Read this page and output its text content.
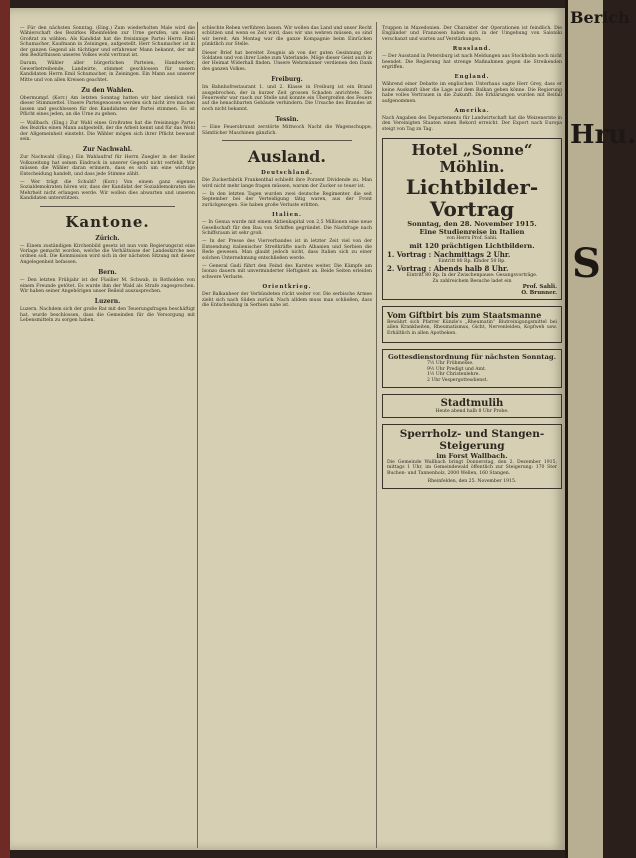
— Für den nächsten Sonntag. (Eing.) Zum wiederholten Male wird die Wählerschaft des Bezirkes Rheinfelden zur Urne gerufen, um einen Großrat zu wählen. Als Kandidat hat die freisinnige Partei Herrn Emil Schumacher, Kaufmann in Zeiningen, aufgestellt. Herr Schumacher ist in der ganzen Gegend als tüchtiger und erfahrener Mann bekannt, der mit den Bedürfnissen unseres Volkes wohl vertraut ist.

Darum, Wähler aller bürgerlichen Parteien, Handwerker, Gewerbetreibende, Landwirte, stimmet geschlossen für unsern Kandidaten Herrn Emil Schumacher, in Zeiningen. Ein Mann aus unserer Mitte und von allen Kreisen geachtet.

Zu den Wahlen.

Obermumpf. (Korr.) Am letzten Sonntag hatten wir hier ziemlich viel dieser Stimmzettel. Unsere Parteigenossen werden sich nicht irre machen lassen und geschlossen für den Kandidaten der Partei stimmen. Es ist Pflicht eines jeden, an die Urne zu gehen.

— Wallbach. (Eing.) Zur Wahl eines Großrates hat die freisinnige Partei des Bezirks einen Mann aufgestellt, der die Arbeit kennt und für das Wohl der Allgemeinheit einsteht. Die Wähler mögen sich ihrer Pflicht bewusst sein.

Zur Nachwahl.

Zur Nachwahl (Eing.) Ein Wahlaufruf für Herrn Zuegler in der Basler Volkszeitung hat seinen Eindruck in unserer Gegend nicht verfehlt. Wir müssen die Wähler daran erinnern, dass es sich um eine wichtige Entscheidung handelt, und dass jede Stimme zählt.

— Wer trägt die Schuld? (Korr.) Von einem ganz eigenen Sozialdemokraten hören wir, dass der Kandidat der Sozialdemokraten die Mehrheit nicht erlangen werde. Wir wollen dies abwarten und unseren Kandidaten unterstützen.

Kantone.
Zürich.

— Einem zuständigen Kirchenbild gesetz ist nun vom Regierungsrat eine Vorlage gemacht worden, welche die Verhältnisse der Landeskirche neu ordnen soll. Die Kommission wird sich in der nächsten Sitzung mit dieser Angelegenheit befassen.

Bern.

— Den letzten Frühjahr ist der Füsilier M. Schwab, in Rotholden von einem Freunde getötet. Es wurde ihm der Wald als Strafe zugesprochen. Wir haben seiner Angehörigen unser Beileid auszusprechen.

Luzern.

Luzern. Nachdem sich der große Rat mit den Teuerungsfragen beschäftigt hat, wurde beschlossen, dass die Gemeinden für die Versorgung mit Lebensmitteln zu sorgen haben.

schlechte Reben verführen lassen. Wir wollen das Land und unser Recht schützen und wenn es Zeit wird, dass wir uns wehren müssen, so sind wir bereit. Am Montag war die ganze Kompagnie beim Einrücken pünktlich zur Stelle.

Dieser Brief hat bereitet Zeugnis ab von der guten Gesinnung der Soldaten und von ihrer Liebe zum Vaterlande. Möge dieser Geist auch in der Heimat Widerhall finden. Unsere Wehrmänner verdienen den Dank des ganzen Volkes.

Freiburg.

Im Bahnhofrestaurant 1. und 2. Klasse in Freiburg ist ein Brand ausgebrochen, der in kurzer Zeit grossen Schaden anrichtete. Die Feuerwehr war rasch zur Stelle und konnte ein Übergreifen des Feuers auf die benachbarten Gebäude verhindern. Die Ursache des Brandes ist noch nicht bekannt.

Tessin.

— Eine Feuersbrunst zerstörte Mittwoch Nacht die Wagenschuppe, Sämtlicher Maschinen gänzlich.

Ausland.
Deutschland.

Die Zuckerfabrik Frankenthal schließt ihre Porzent Dividende zu. Man wird nicht mehr lange fragen müssen, warum der Zucker so teuer ist.

— In den letzten Tagen wurden zwei deutsche Regimenter, die seit September bei der Verteidigung tätig waren, aus der Front zurückgezogen. Sie haben große Verluste erlitten.

Italien.

— In Genua wurde mit einem Aktienkapital von 2,5 Millionen eine neue Gesellschaft für den Bau von Schiffen gegründet. Die Nachfrage nach Schiffsraum ist sehr groß.

— In der Presse des Vierverbandes ist in letzter Zeit viel von der Entsendung italienischer Streitkräfte nach Albanien und Serbien die Rede gewesen. Man glaubt jedoch nicht, dass Italien sich zu einer solchen Unternehmung entschließen werde.

— General Gadi führt den Feind des Karstes weiter. Die Kämpfe am Isonzo dauern mit unverminderter Heftigkeit an. Beide Seiten erleiden schwere Verluste.

Orientkrieg.

Der Balkanheer der Verbündeten rückt weiter vor. Die serbische Armee zieht sich nach Süden zurück. Nach alldem muss man schließen, dass die Entscheidung in Serbien nahe ist.

Truppen in Mazedonien. Der Charakter der Operationen ist feindlich. Die Engländer und Franzosen haben sich in der Umgebung von Saloniki verschanzt und warten auf Verstärkungen.

Russland.

— Der Ausstand in Petersburg ist nach Meldungen aus Stockholm noch nicht beendet. Die Regierung hat strenge Maßnahmen gegen die Streikenden ergriffen.

England.

Während einer Debatte im englischen Unterhaus sagte Herr Grey, dass er keine Auskunft über die Lage auf dem Balkan geben könne. Die Regierung habe volles Vertrauen in die Zukunft. Die Erklärungen wurden mit Beifall aufgenommen.

Amerika.

Nach Angaben des Departements für Landwirtschaft hat die Weizenernte in den Vereinigten Staaten einen Rekord erreicht. Der Export nach Europa steigt von Tag zu Tag.

Hotel „Sonne“ Möhlin.
Lichtbilder-Vortrag
Sonntag, den 28. November 1915.
Eine Studienreise in Italien
von Herrn Prof. Sahli.
mit 120 prächtigen Lichtbildern.
1. Vortrag : Nachmittags 2 Uhr.
Eintritt 80 Rp. Kinder 50 Rp.
2. Vortrag : Abends halb 8 Uhr.
Eintritt 80 Rp. In der Zwischenpause: Gesangsvorträge.
Zu zahlreichem Besuche ladet ein
Prof. Sahli.
O. Brunner.
Vom Giftbirt bis zum Staatsmanne

Bewährt sich Pfarrer Künzle's „Rheumatin“ Blutreinigungsmittel bei allen Krankheiten, Rheumatismus, Gicht, Nervenleiden, Kopfweh usw. Erhältlich in allen Apotheken.

Gottesdienstordnung für nächsten Sonntag.
7½ Uhr Frühmesse.
9½ Uhr Predigt und Amt.
1½ Uhr Christenlehre.
2 Uhr Vespergottesdienst.
Stadtmulih
Heute abend halb 8 Uhr Probe.
Sperrholz- und Stangen-Steigerung
im Forst Wallbach.

Die Gemeinde Wallbach bringt Donnerstag, den 2. Dezember 1915, mittags 1 Uhr, im Gemeindewald öffentlich zur Steigerung: 170 Ster Buchen- und Tannenholz, 2000 Wellen, 160 Stangen.

Rheinfelden, den 25. November 1915.
Berich
Hru.
S
